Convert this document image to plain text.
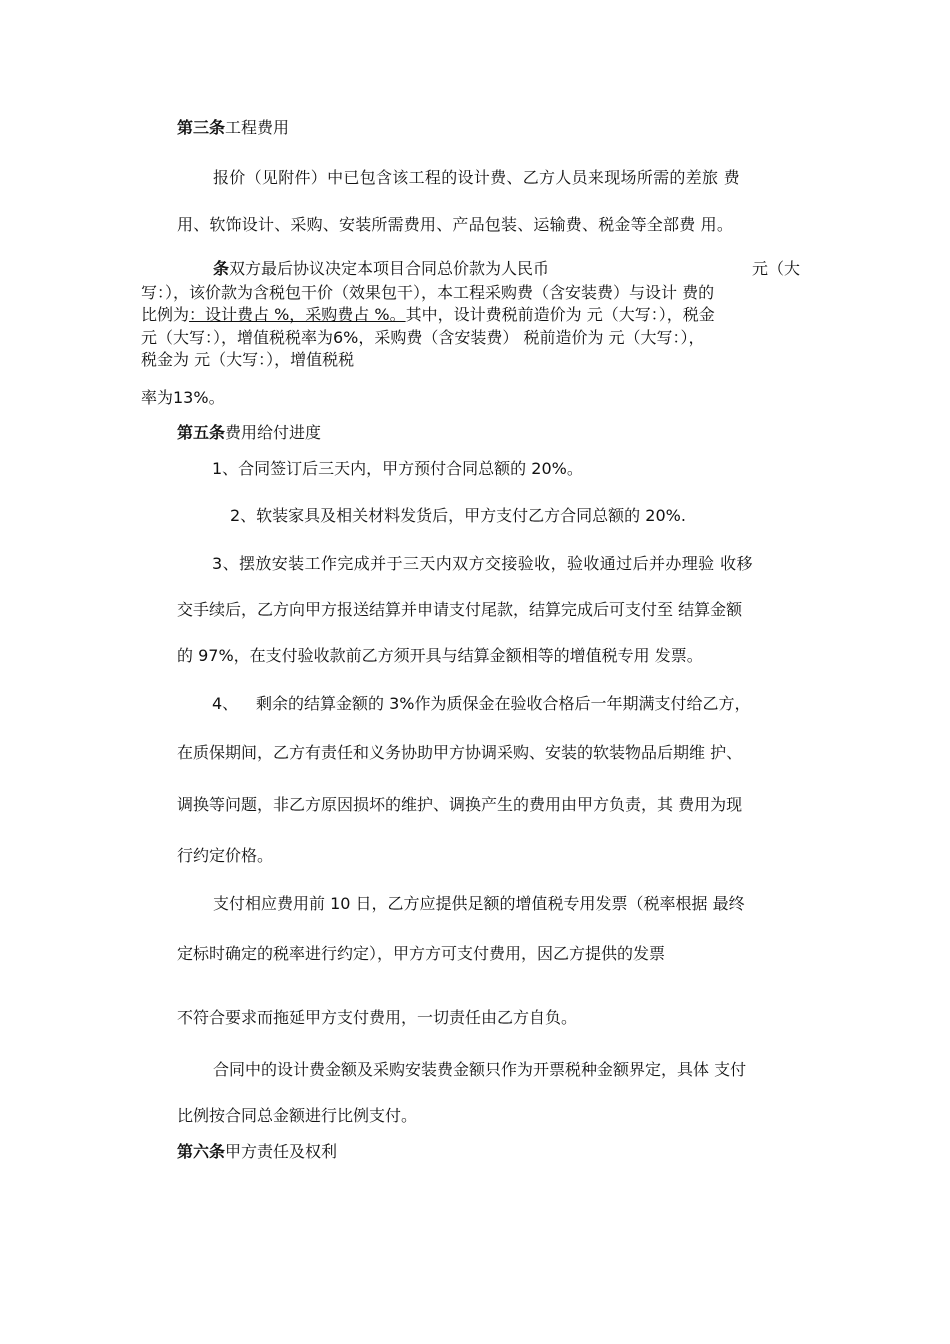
第三条工程费用
报价（见附件）中已包含该工程的设计费、乙方人员来现场所需的差旅 费
用、软饰设计、采购、安装所需费用、产品包装、运输费、税金等全部费 用。
条双方最后协议决定本项目合同总价款为人民币	元（大
写：），该价款为含税包干价（效果包干），本工程采购费（含安装费）与设计 费的
比例为：设计费占 %，采购费占 %。其中，设计费税前造价为 元（大写：），税金
元（大写：），增值税税率为6%，采购费（含安装费） 税前造价为 元（大写：），
税金为 元（大写：），增值税税
率为13%。
第五条费用给付进度
1、合同签订后三天内，甲方预付合同总额的 20%。
2、软装家具及相关材料发货后，甲方支付乙方合同总额的 20%.
3、摆放安装工作完成并于三天内双方交接验收，验收通过后并办理验 收移
交手续后，乙方向甲方报送结算并申请支付尾款，结算完成后可支付至 结算金额
的 97%，在支付验收款前乙方须开具与结算金额相等的增值税专用 发票。
4、 剩余的结算金额的 3%作为质保金在验收合格后一年期满支付给乙方，
在质保期间，乙方有责任和义务协助甲方协调采购、安装的软装物品后期维 护、
调换等问题，非乙方原因损坏的维护、调换产生的费用由甲方负责，其 费用为现
行约定价格。
支付相应费用前 10 日，乙方应提供足额的增值税专用发票（税率根据 最终
定标时确定的税率进行约定），甲方方可支付费用，因乙方提供的发票
不符合要求而拖延甲方支付费用，一切责任由乙方自负。
合同中的设计费金额及采购安装费金额只作为开票税种金额界定，具体 支付
比例按合同总金额进行比例支付。
第六条甲方责任及权利
